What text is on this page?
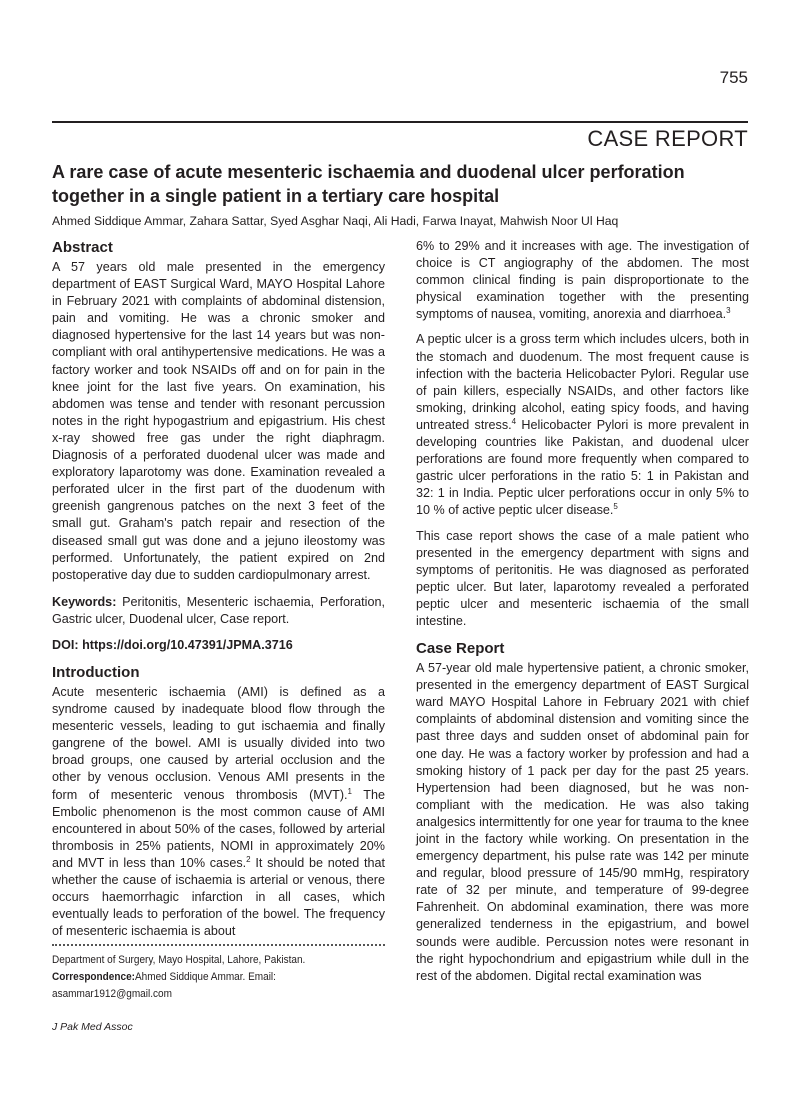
755
CASE REPORT
A rare case of acute mesenteric ischaemia and duodenal ulcer perforation together in a single patient in a tertiary care hospital
Ahmed Siddique Ammar, Zahara Sattar, Syed Asghar Naqi, Ali Hadi, Farwa Inayat, Mahwish Noor Ul Haq
Abstract

A 57 years old male presented in the emergency department of EAST Surgical Ward, MAYO Hospital Lahore in February 2021 with complaints of abdominal distension, pain and vomiting. He was a chronic smoker and diagnosed hypertensive for the last 14 years but was non-compliant with oral antihypertensive medications. He was a factory worker and took NSAIDs off and on for pain in the knee joint for the last five years. On examination, his abdomen was tense and tender with resonant percussion notes in the right hypogastrium and epigastrium. His chest x-ray showed free gas under the right diaphragm. Diagnosis of a perforated duodenal ulcer was made and exploratory laparotomy was done. Examination revealed a perforated ulcer in the first part of the duodenum with greenish gangrenous patches on the next 3 feet of the small gut. Graham's patch repair and resection of the diseased small gut was done and a jejuno ileostomy was performed. Unfortunately, the patient expired on 2nd postoperative day due to sudden cardiopulmonary arrest.

Keywords: Peritonitis, Mesenteric ischaemia, Perforation, Gastric ulcer, Duodenal ulcer, Case report.

DOI: https://doi.org/10.47391/JPMA.3716
Introduction

Acute mesenteric ischaemia (AMI) is defined as a syndrome caused by inadequate blood flow through the mesenteric vessels, leading to gut ischaemia and finally gangrene of the bowel. AMI is usually divided into two broad groups, one caused by arterial occlusion and the other by venous occlusion. Venous AMI presents in the form of mesenteric venous thrombosis (MVT).$^1$ The Embolic phenomenon is the most common cause of AMI encountered in about 50% of the cases, followed by arterial thrombosis in 25% patients, NOMI in approximately 20% and MVT in less than 10% cases.$^2$ It should be noted that whether the cause of ischaemia is arterial or venous, there occurs haemorrhagic infarction in all cases, which eventually leads to perforation of the bowel. The frequency of mesenteric ischaemia is about

Department of Surgery, Mayo Hospital, Lahore, Pakistan.
Correspondence:Ahmed Siddique Ammar. Email: asammar1912@gmail.com

6% to 29% and it increases with age. The investigation of choice is CT angiography of the abdomen. The most common clinical finding is pain disproportionate to the physical examination together with the presenting symptoms of nausea, vomiting, anorexia and diarrhoea.$^3$

A peptic ulcer is a gross term which includes ulcers, both in the stomach and duodenum. The most frequent cause is infection with the bacteria Helicobacter Pylori. Regular use of pain killers, especially NSAIDs, and other factors like smoking, drinking alcohol, eating spicy foods, and having untreated stress.$^4$ Helicobacter Pylori is more prevalent in developing countries like Pakistan, and duodenal ulcer perforations are found more frequently when compared to gastric ulcer perforations in the ratio 5: 1 in Pakistan and 32: 1 in India. Peptic ulcer perforations occur in only 5% to 10 % of active peptic ulcer disease.$^5$

This case report shows the case of a male patient who presented in the emergency department with signs and symptoms of peritonitis. He was diagnosed as perforated peptic ulcer. But later, laparotomy revealed a perforated peptic ulcer and mesenteric ischaemia of the small intestine.

Case Report

A 57-year old male hypertensive patient, a chronic smoker, presented in the emergency department of EAST Surgical ward MAYO Hospital Lahore in February 2021 with chief complaints of abdominal distension and vomiting since the past three days and sudden onset of abdominal pain for one day. He was a factory worker by profession and had a smoking history of 1 pack per day for the past 25 years. Hypertension had been diagnosed, but he was non-compliant with the medication. He was also taking analgesics intermittently for one year for trauma to the knee joint in the factory while working. On presentation in the emergency department, his pulse rate was 142 per minute and regular, blood pressure of 145/90 mmHg, respiratory rate of 32 per minute, and temperature of 99-degree Fahrenheit. On abdominal examination, there was more generalized tenderness in the epigastrium, and bowel sounds were audible. Percussion notes were resonant in the right hypochondrium and epigastrium while dull in the rest of the abdomen. Digital rectal examination was

J Pak Med Assoc
